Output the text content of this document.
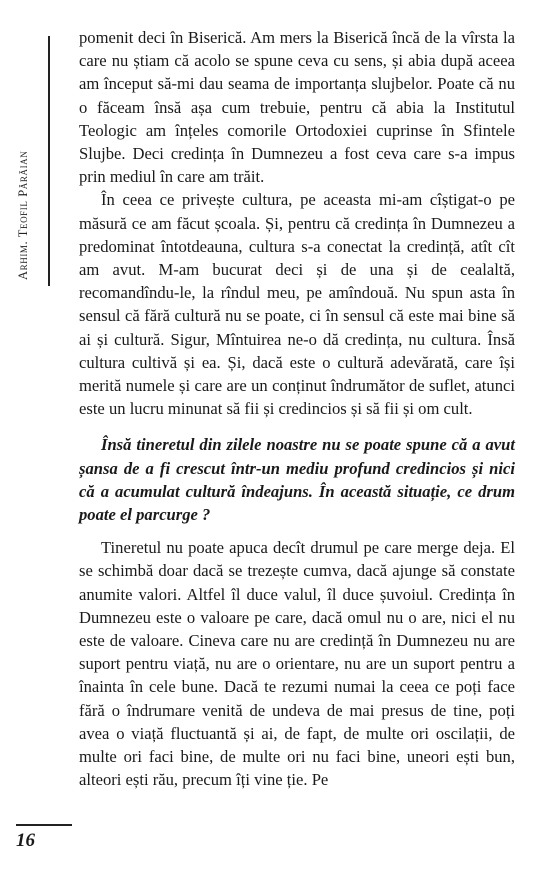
Arhim. Teofil Părăian

pomenit deci în Biserică. Am mers la Biserică încă de la vîrsta la care nu știam că acolo se spune ceva cu sens, și abia după aceea am început să-mi dau seama de importanța slujbelor. Poate că nu o făceam însă așa cum trebuie, pentru că abia la Institutul Teologic am înțeles comorile Ortodoxiei cuprinse în Sfintele Slujbe. Deci credința în Dumnezeu a fost ceva care s-a impus prin mediul în care am trăit.

În ceea ce privește cultura, pe aceasta mi-am cîștigat-o pe măsură ce am făcut școala. Și, pentru că credința în Dumnezeu a predominat întotdeauna, cultura s-a conectat la credință, atît cît am avut. M-am bucurat deci și de una și de cealaltă, recomandîndu-le, la rîndul meu, pe amîndouă. Nu spun asta în sensul că fără cultură nu se poate, ci în sensul că este mai bine să ai și cultură. Sigur, Mîntuirea ne-o dă credința, nu cultura. Însă cultura cultivă și ea. Și, dacă este o cultură adevărată, care își merită numele și care are un conținut îndrumător de suflet, atunci este un lucru minunat să fii și credincios și să fii și om cult.

Însă tineretul din zilele noastre nu se poate spune că a avut șansa de a fi crescut într-un mediu profund credincios și nici că a acumulat cultură îndeajuns. În această situație, ce drum poate el parcurge ?

Tineretul nu poate apuca decît drumul pe care merge deja. El se schimbă doar dacă se trezește cumva, dacă ajunge să constate anumite valori. Altfel îl duce valul, îl duce șuvoiul. Credința în Dumnezeu este o valoare pe care, dacă omul nu o are, nici el nu este de valoare. Cineva care nu are credință în Dumnezeu nu are suport pentru viață, nu are o orientare, nu are un suport pentru a înainta în cele bune. Dacă te rezumi numai la ceea ce poți face fără o îndrumare venită de undeva de mai presus de tine, poți avea o viață fluctuantă și ai, de fapt, de multe ori oscilații, de multe ori faci bine, de multe ori nu faci bine, uneori ești bun, alteori ești rău, precum îți vine ție. Pe

16
